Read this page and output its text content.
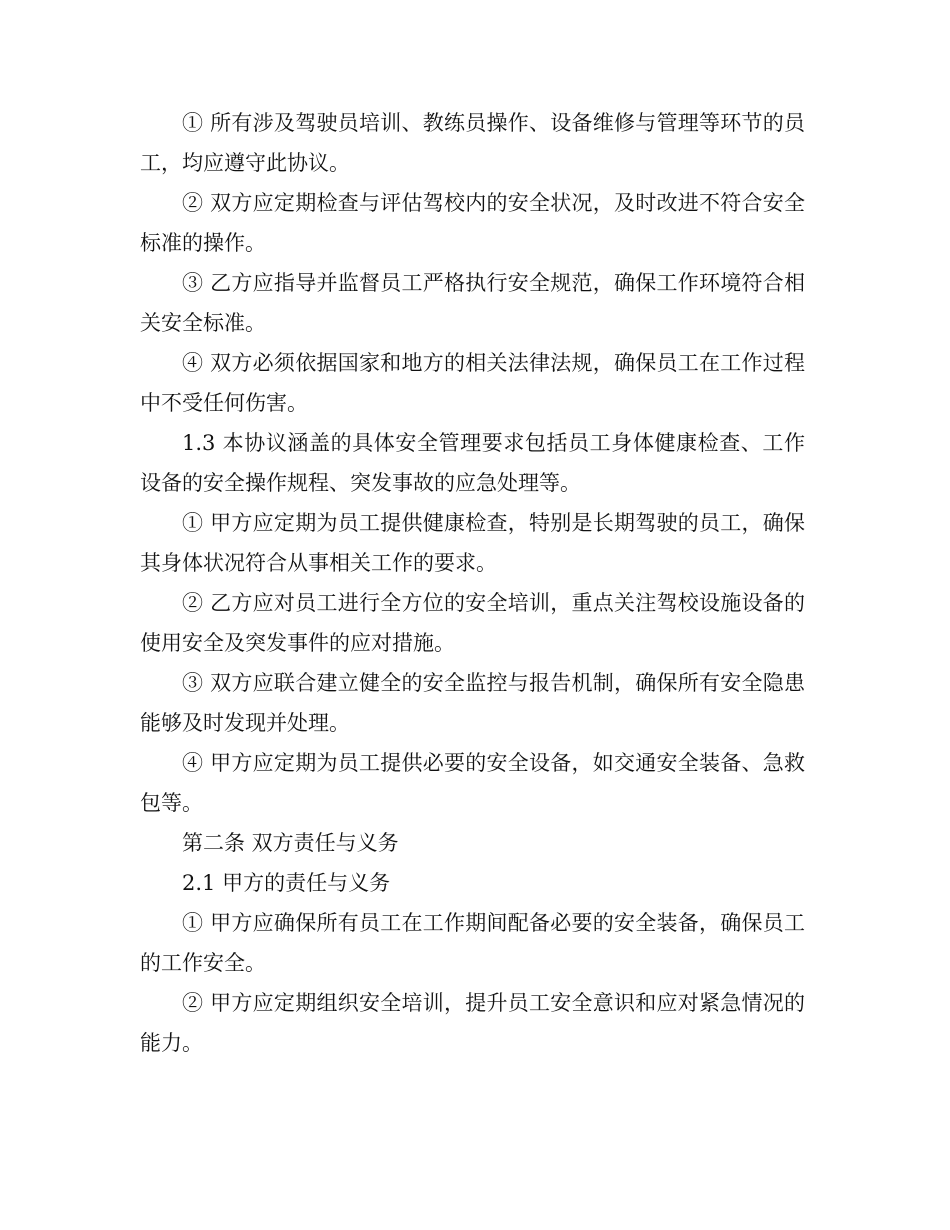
① 所有涉及驾驶员培训、教练员操作、设备维修与管理等环节的员工，均应遵守此协议。

② 双方应定期检查与评估驾校内的安全状况，及时改进不符合安全标准的操作。

③ 乙方应指导并监督员工严格执行安全规范，确保工作环境符合相关安全标准。

④ 双方必须依据国家和地方的相关法律法规，确保员工在工作过程中不受任何伤害。

1.3 本协议涵盖的具体安全管理要求包括员工身体健康检查、工作设备的安全操作规程、突发事故的应急处理等。

① 甲方应定期为员工提供健康检查，特别是长期驾驶的员工，确保其身体状况符合从事相关工作的要求。

② 乙方应对员工进行全方位的安全培训，重点关注驾校设施设备的使用安全及突发事件的应对措施。

③ 双方应联合建立健全的安全监控与报告机制，确保所有安全隐患能够及时发现并处理。

④ 甲方应定期为员工提供必要的安全设备，如交通安全装备、急救包等。

第二条 双方责任与义务

2.1 甲方的责任与义务

① 甲方应确保所有员工在工作期间配备必要的安全装备，确保员工的工作安全。

② 甲方应定期组织安全培训，提升员工安全意识和应对紧急情况的能力。
